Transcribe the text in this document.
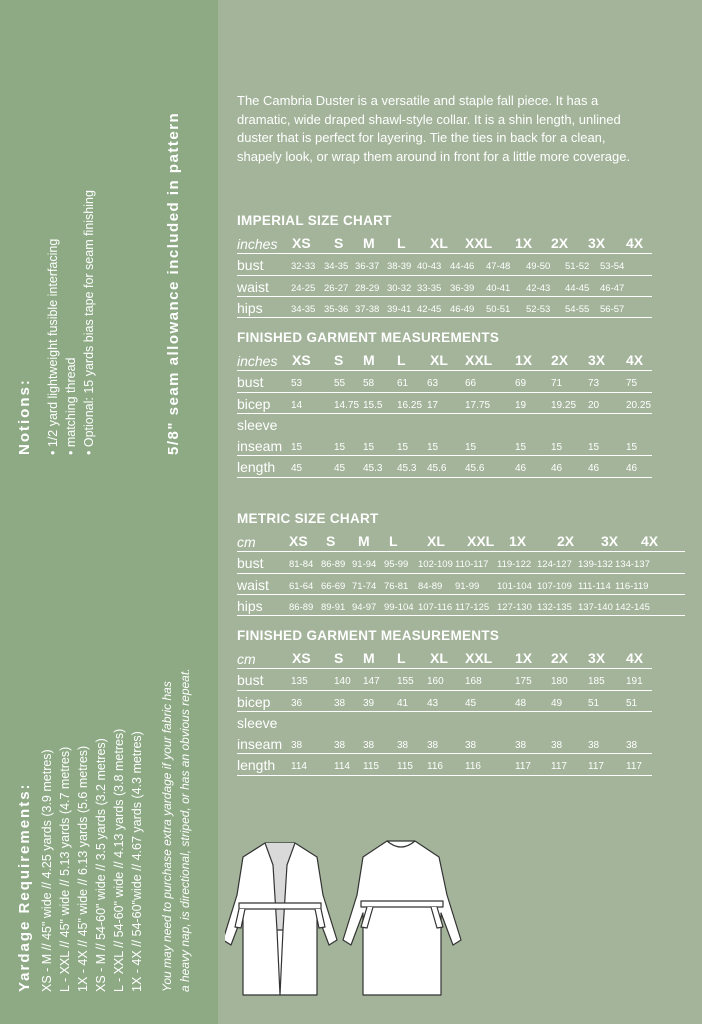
Notions: • 1/2 yard lightweight fusible interfacing • matching thread • Optional: 15 yards bias tape for seam finishing	5/8" seam allowance included in pattern
Yardage Requirements: XS - M // 45" wide // 4.25 yards (3.9 metres) L - XXL // 45" wide // 5.13 yards (4.7 metres) 1X - 4X // 45" wide // 6.13 yards (5.6 metres) XS - M // 54-60" wide // 3.5 yards (3.2 metres) L - XXL // 54-60" wide // 4.13 yards (3.8 metres) 1X - 4X // 54-60"wide // 4.67 yards (4.3 metres) You may need to purchase extra yardage if your fabric has a heavy nap, is directional, striped, or has an obvious repeat.
The Cambria Duster is a versatile and staple fall piece. It has a dramatic, wide draped shawl-style collar. It is a shin length, unlined duster that is perfect for layering. Tie the ties in back for a clean, shapely look, or wrap them around in front for a little more coverage.
IMPERIAL SIZE CHART
inches XS S M L XL XXL 1X 2X 3X 4X
bust	32-33 34-35 36-37 38-39 40-43 44-46 47-48 49-50 51-52 53-54
waist 24-25 26-27 28-29 30-32 33-35 36-39 40-41 42-43 44-45 46-47
hips	34-35 35-36 37-38 39-41 42-45 46-49 50-51 52-53 54-55 56-57
FINISHED GARMENT MEASUREMENTS
inches XS S M L XL XXL 1X 2X 3X 4X
bust	53	55 58 61 63	66	69 71	73	75
bicep 14	14.75 15.5 16.25 17	17.75 19 19.25 20	20.25
sleeve
inseam 15	15 15 15 15	15	15 15	15	15
length 45	45 45.3 45.3 45.6 45.6	46 46	46	46
METRIC SIZE CHART
cm XS S M L XL XXL 1X 2X 3X 4X
bust	81-84 86-89 91-94 95-99 102-109 110-117 119-122 124-127 139-132 134-137
waist 61-64 66-69 71-74 76-81 84-89 91-99 101-104 107-109 111-114 116-119
hips	86-89 89-91 94-97 99-104 107-116 117-125 127-130 132-135 137-140 142-145
FINISHED GARMENT MEASUREMENTS
cm	XS S M L XL XXL 1X 2X 3X 4X
bust	135	140 147 155 160 168	175 180 185 191
bicep 36	38 39 41 43	45	48 49	51	51
sleeve
inseam 38	38 38 38 38	38	38 38	38	38
length 114	114 115 115 116 116	117 117 117 117
